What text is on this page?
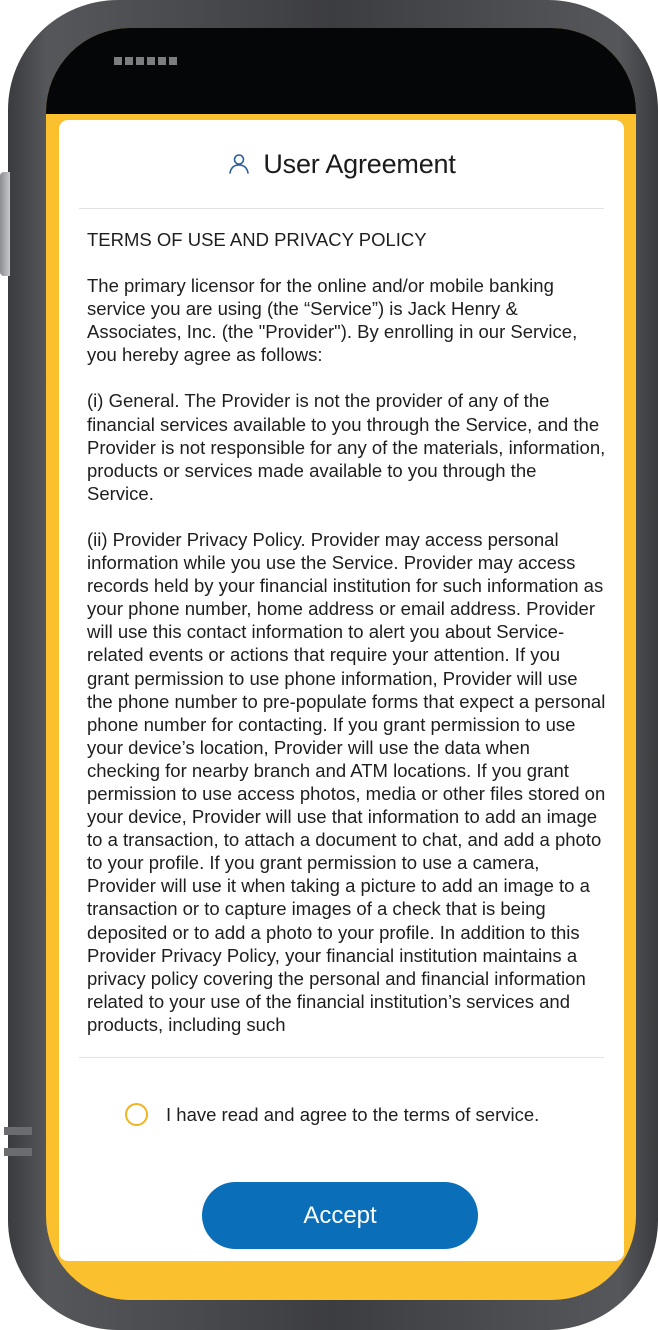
User Agreement

TERMS OF USE AND PRIVACY POLICY

The primary licensor for the online and/or mobile banking service you are using (the “Service”) is Jack Henry & Associates, Inc. (the "Provider"). By enrolling in our Service, you hereby agree as follows:

(i) General. The Provider is not the provider of any of the financial services available to you through the Service, and the Provider is not responsible for any of the materials, information, products or services made available to you through the Service.

(ii) Provider Privacy Policy. Provider may access personal information while you use the Service. Provider may access records held by your financial institution for such information as your phone number, home address or email address. Provider will use this contact information to alert you about Service-related events or actions that require your attention. If you grant permission to use phone information, Provider will use the phone number to pre-populate forms that expect a personal phone number for contacting. If you grant permission to use your device’s location, Provider will use the data when checking for nearby branch and ATM locations. If you grant permission to use access photos, media or other files stored on your device, Provider will use that information to add an image to a transaction, to attach a document to chat, and add a photo to your profile. If you grant permission to use a camera, Provider will use it when taking a picture to add an image to a transaction or to capture images of a check that is being deposited or to add a photo to your profile. In addition to this Provider Privacy Policy, your financial institution maintains a privacy policy covering the personal and financial information related to your use of the financial institution’s services and products, including such

I have read and agree to the terms of service.
Accept
